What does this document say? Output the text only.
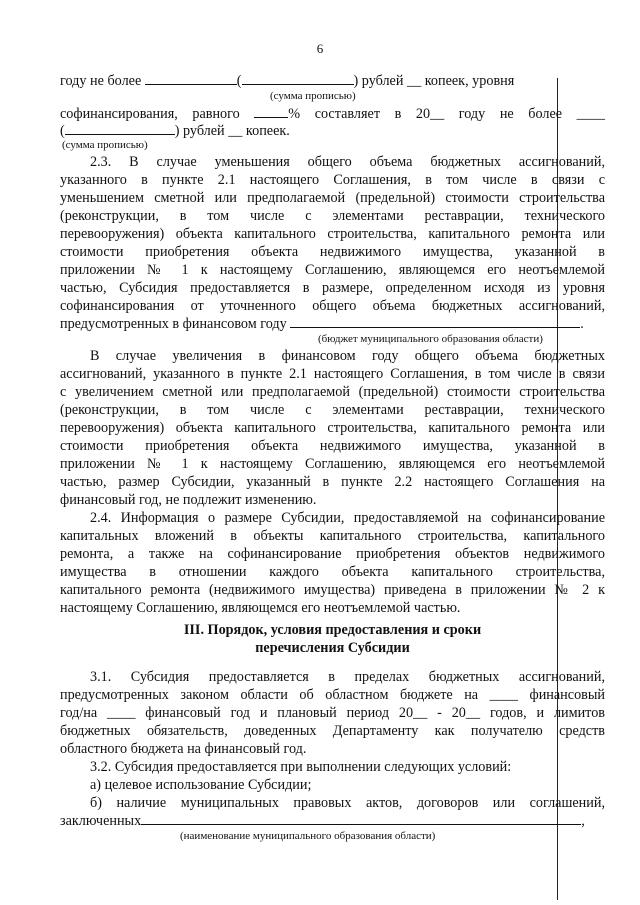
6
году не более	(	) рублей __ копеек, уровня
(сумма прописью)
софинансирования, равного	% составляет в 20__ году не более ____
(	) рублей __ копеек.
(сумма прописью)
2.3. В случае уменьшения общего объема бюджетных ассигнований,
указанного в пункте 2.1 настоящего Соглашения, в том числе в связи с
уменьшением сметной или предполагаемой (предельной) стоимости строительства
(реконструкции, в том числе с элементами реставрации, технического
перевооружения) объекта капитального строительства, капитального ремонта или
стоимости приобретения объекта недвижимого имущества, указанной в
приложении № 1 к настоящему Соглашению, являющемся его неотъемлемой
частью, Субсидия предоставляется в размере, определенном исходя из уровня
софинансирования от уточненного общего объема бюджетных ассигнований,
предусмотренных в финансовом году	.
(бюджет муниципального образования области)
В случае увеличения в финансовом году общего объема бюджетных
ассигнований, указанного в пункте 2.1 настоящего Соглашения, в том числе в связи
с увеличением сметной или предполагаемой (предельной) стоимости строительства
(реконструкции, в том числе с элементами реставрации, технического
перевооружения) объекта капитального строительства, капитального ремонта или
стоимости приобретения объекта недвижимого имущества, указанной в
приложении № 1 к настоящему Соглашению, являющемся его неотъемлемой
частью, размер Субсидии, указанный в пункте 2.2 настоящего Соглашения на
финансовый год, не подлежит изменению.
2.4. Информация о размере Субсидии, предоставляемой на софинансирование
капитальных вложений в объекты капитального строительства, капитального
ремонта, а также на софинансирование приобретения объектов недвижимого
имущества в отношении каждого объекта капитального строительства,
капитального ремонта (недвижимого имущества) приведена в приложении № 2 к
настоящему Соглашению, являющемся его неотъемлемой частью.
III. Порядок, условия предоставления и сроки
перечисления Субсидии
3.1. Субсидия предоставляется в пределах бюджетных ассигнований,
предусмотренных законом области об областном бюджете на ____ финансовый
год/на ____ финансовый год и плановый период 20__ - 20__ годов, и лимитов
бюджетных обязательств, доведенных Департаменту как получателю средств
областного бюджета на финансовый год.
3.2. Субсидия предоставляется при выполнении следующих условий:
а) целевое использование Субсидии;
б) наличие муниципальных правовых актов, договоров или соглашений,
заключенных	,
(наименование муниципального образования области)
